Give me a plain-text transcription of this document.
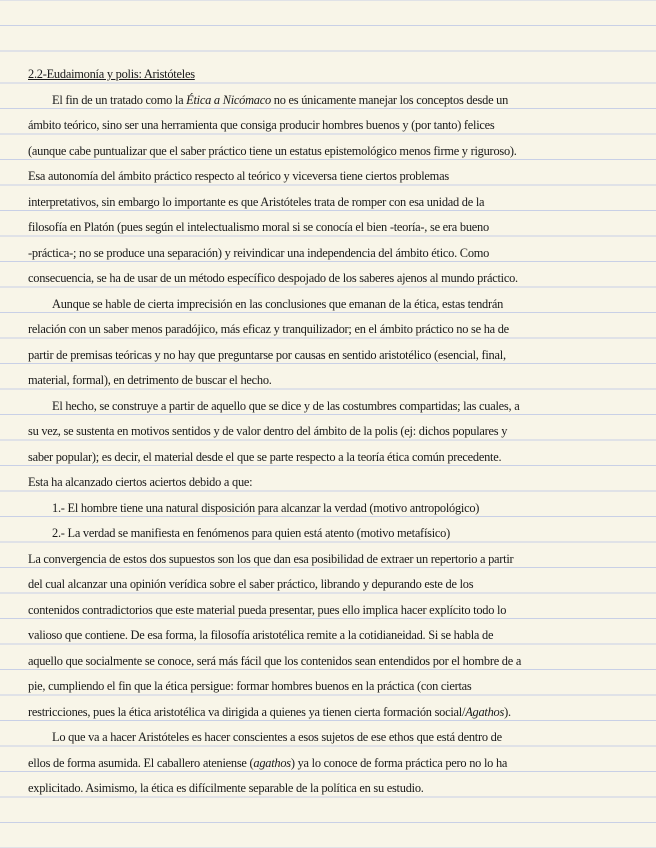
2.2-Eudaimonía y polis: Aristóteles
El fin de un tratado como la Ética a Nicómaco no es únicamente manejar los conceptos desde un
ámbito teórico, sino ser una herramienta que consiga producir hombres buenos y (por tanto) felices
(aunque cabe puntualizar que el saber práctico tiene un estatus epistemológico menos firme y riguroso).
Esa autonomía del ámbito práctico respecto al teórico y viceversa tiene ciertos problemas
interpretativos, sin embargo lo importante es que Aristóteles trata de romper con esa unidad de la
filosofía en Platón (pues según el intelectualismo moral si se conocía el bien -teoría-, se era bueno
-práctica-; no se produce una separación) y reivindicar una independencia del ámbito ético. Como
consecuencia, se ha de usar de un método específico despojado de los saberes ajenos al mundo práctico.
Aunque se hable de cierta imprecisión en las conclusiones que emanan de la ética, estas tendrán
relación con un saber menos paradójico, más eficaz y tranquilizador; en el ámbito práctico no se ha de
partir de premisas teóricas y no hay que preguntarse por causas en sentido aristotélico (esencial, final,
material, formal), en detrimento de buscar el hecho.
El hecho, se construye a partir de aquello que se dice y de las costumbres compartidas; las cuales, a
su vez, se sustenta en motivos sentidos y de valor dentro del ámbito de la polis (ej: dichos populares y
saber popular); es decir, el material desde el que se parte respecto a la teoría ética común precedente.
Esta ha alcanzado ciertos aciertos debido a que:
1.- El hombre tiene una natural disposición para alcanzar la verdad (motivo antropológico)
2.- La verdad se manifiesta en fenómenos para quien está atento (motivo metafísico)
La convergencia de estos dos supuestos son los que dan esa posibilidad de extraer un repertorio a partir
del cual alcanzar una opinión verídica sobre el saber práctico, librando y depurando este de los
contenidos contradictorios que este material pueda presentar, pues ello implica hacer explícito todo lo
valioso que contiene. De esa forma, la filosofía aristotélica remite a la cotidianeidad. Si se habla de
aquello que socialmente se conoce, será más fácil que los contenidos sean entendidos por el hombre de a
pie, cumpliendo el fin que la ética persigue: formar hombres buenos en la práctica (con ciertas
restricciones, pues la ética aristotélica va dirigida a quienes ya tienen cierta formación social/Agathos).
Lo que va a hacer Aristóteles es hacer conscientes a esos sujetos de ese ethos que está dentro de
ellos de forma asumida. El caballero ateniense (agathos) ya lo conoce de forma práctica pero no lo ha
explicitado. Asimismo, la ética es difícilmente separable de la política en su estudio.
